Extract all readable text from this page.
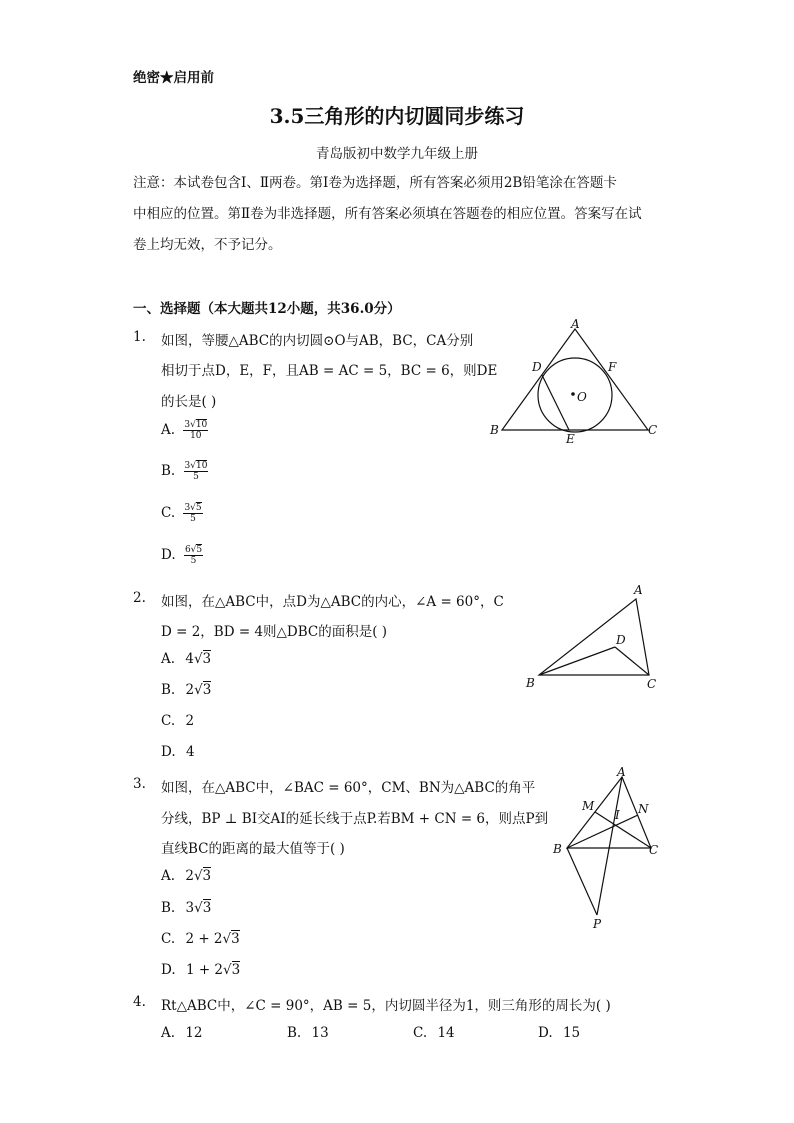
绝密★启用前
3.5三角形的内切圆同步练习
青岛版初中数学九年级上册
注意：本试卷包含Ⅰ、Ⅱ两卷。第Ⅰ卷为选择题，所有答案必须用2B铅笔涂在答题卡
中相应的位置。第Ⅱ卷为非选择题，所有答案必须填在答题卷的相应位置。答案写在试
卷上均无效，不予记分。
一、选择题（本大题共12小题，共36.0分）
1. 如图，等腰△ABC的内切圆⊙O与AB，BC，CA分别
相切于点D，E，F，且AB = AC = 5，BC = 6，则DE
的长是( )
A. $\frac{3√10}{10}$
B. $\frac{3√10}{5}$
C. $\frac{3√5}{5}$
D. $\frac{6√5}{5}$
A
B	C
D
E
F
O
2. 如图，在△ABC中，点D为△ABC的内心，∠A = 60°，C
D = 2，BD = 4则△DBC的面积是( )
A. 4√3
B. 2√3
C. 2
D. 4
A
B	C
D
3. 如图，在△ABC中，∠BAC = 60°，CM、BN为△ABC的角平
分线，BP ⊥ BI交AI的延长线于点P.若BM + CN = 6，则点P到
直线BC的距离的最大值等于( )
A. 2√3
B. 3√3
C. 2 + 2√3
D. 1 + 2√3
A
B	C
I
M	N
P
4. Rt△ABC中，∠C = 90°，AB = 5，内切圆半径为1，则三角形的周长为( )
A. 12	B. 13	C. 14	D. 15
